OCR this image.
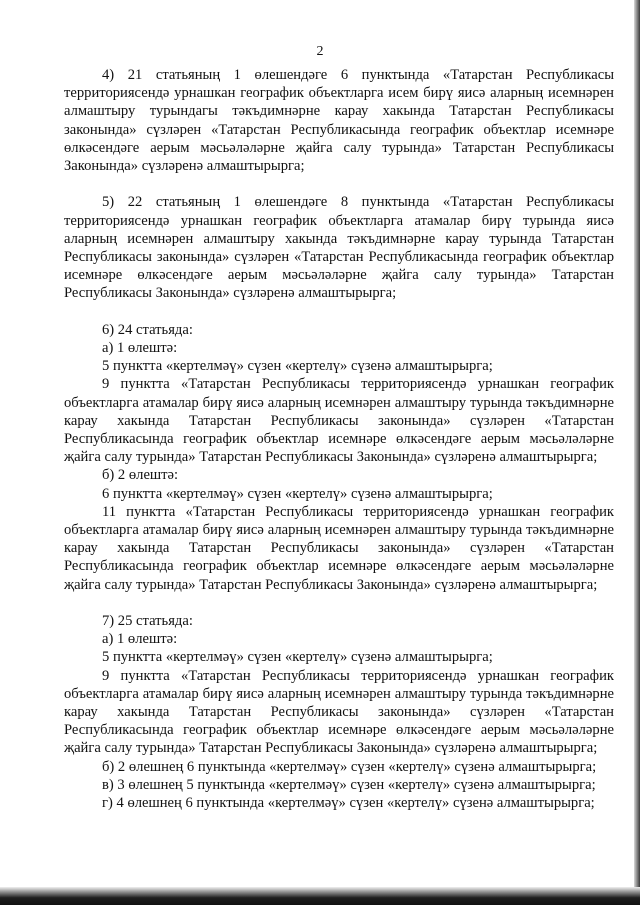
2

4) 21 статьяның 1 өлешендәге 6 пунктында «Татарстан Республикасы территориясендә урнашкан географик объектларга исем бирү яисә аларның исемнәрен алмаштыру турындагы тәкъдимнәрне карау хакында Татарстан Республикасы законында» сүзләрен «Татарстан Республикасында географик объектлар исемнәре өлкәсендәге аерым мәсьәләләрне җайга салу турында» Татарстан Республикасы Законында» сүзләренә алмаштырырга;

5) 22 статьяның 1 өлешендәге 8 пунктында «Татарстан Республикасы территориясендә урнашкан географик объектларга атамалар бирү турында яисә аларның исемнәрен алмаштыру хакында тәкъдимнәрне карау турында Татарстан Республикасы законында» сүзләрен «Татарстан Республикасында географик объектлар исемнәре өлкәсендәге аерым мәсьәләләрне җайга салу турында» Татарстан Республикасы Законында» сүзләренә алмаштырырга;

6) 24 статьяда:

а) 1 өлештә:

5 пунктта «кертелмәү» сүзен «кертелү» сүзенә алмаштырырга;

9 пунктта «Татарстан Республикасы территориясендә урнашкан географик объектларга атамалар бирү яисә аларның исемнәрен алмаштыру турында тәкъдимнәрне карау хакында Татарстан Республикасы законында» сүзләрен «Татарстан Республикасында географик объектлар исемнәре өлкәсендәге аерым мәсьәләләрне җайга салу турында» Татарстан Республикасы Законында» сүзләренә алмаштырырга;

б) 2 өлештә:

6 пунктта «кертелмәү» сүзен «кертелү» сүзенә алмаштырырга;

11 пунктта «Татарстан Республикасы территориясендә урнашкан географик объектларга атамалар бирү яисә аларның исемнәрен алмаштыру турында тәкъдимнәрне карау хакында Татарстан Республикасы законында» сүзләрен «Татарстан Республикасында географик объектлар исемнәре өлкәсендәге аерым мәсьәләләрне җайга салу турында» Татарстан Республикасы Законында» сүзләренә алмаштырырга;

7) 25 статьяда:

а) 1 өлештә:

5 пунктта «кертелмәү» сүзен «кертелү» сүзенә алмаштырырга;

9 пунктта «Татарстан Республикасы территориясендә урнашкан географик объектларга атамалар бирү яисә аларның исемнәрен алмаштыру турында тәкъдимнәрне карау хакында Татарстан Республикасы законында» сүзләрен «Татарстан Республикасында географик объектлар исемнәре өлкәсендәге аерым мәсьәләләрне җайга салу турында» Татарстан Республикасы Законында» сүзләренә алмаштырырга;

б) 2 өлешнең 6 пунктында «кертелмәү» сүзен «кертелү» сүзенә алмаштырырга;

в) 3 өлешнең 5 пунктында «кертелмәү» сүзен «кертелү» сүзенә алмаштырырга;

г) 4 өлешнең 6 пунктында «кертелмәү» сүзен «кертелү» сүзенә алмаштырырга;
